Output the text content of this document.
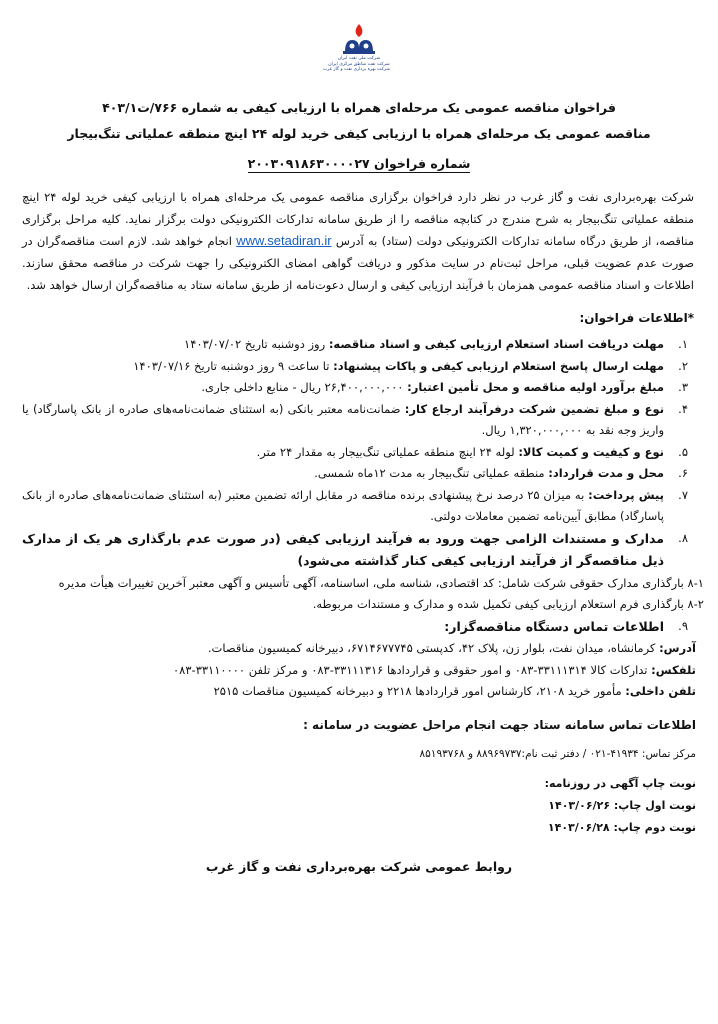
شرکت ملی نفت ایران
شرکت نفت مناطق مرکزی ایران
شرکت بهره برداری نفت و گاز غرب
فراخوان مناقصه عمومی یک مرحله‌ای همراه با ارزیابی کیفی به شماره ۷۶۶/ت۴۰۳/۱
مناقصه عمومی یک مرحله‌ای همراه با ارزیابی کیفی خرید لوله ۲۴ اینچ منطقه عملیاتی تنگ‌بیجار
شماره فراخوان ۲۰۰۳۰۹۱۸۶۳۰۰۰۰۲۷
شرکت بهره‌برداری نفت و گاز غرب در نظر دارد فراخوان برگزاری مناقصه عمومی یک مرحله‌ای همراه با ارزیابی کیفی خرید لوله ۲۴ اینچ منطقه عملیاتی تنگ‌بیجار به شرح مندرج در کتابچه مناقصه را از طریق سامانه تدارکات الکترونیکی دولت برگزار نماید. کلیه مراحل برگزاری مناقصه، از طریق درگاه سامانه تدارکات الکترونیکی دولت (ستاد) به آدرس www.setadiran.ir انجام خواهد شد. لازم است مناقصه‌گران در صورت عدم عضویت قبلی، مراحل ثبت‌نام در سایت مذکور و دریافت گواهی امضای الکترونیکی را جهت شرکت در مناقصه محقق سازند. اطلاعات و اسناد مناقصه عمومی همزمان با فرآیند ارزیابی کیفی و ارسال دعوت‌نامه از طریق سامانه ستاد به مناقصه‌گران ارسال خواهد شد.
*اطلاعات فراخوان:
۱.
مهلت دریافت اسناد استعلام ارزیابی کیفی و اسناد مناقصه: روز دوشنبه تاریخ ۱۴۰۳/۰۷/۰۲
۲.
مهلت ارسال پاسخ استعلام ارزیابی کیفی و پاکات پیشنهاد: تا ساعت ۹ روز دوشنبه تاریخ ۱۴۰۳/۰۷/۱۶
۳.
مبلغ برآورد اولیه مناقصه و محل تأمین اعتبار: ۲۶,۴۰۰,۰۰۰,۰۰۰ ریال - منابع داخلی جاری.
۴.
نوع و مبلغ تضمین شرکت درفرآیند ارجاع کار: ضمانت‌نامه معتبر بانکی (به استثنای ضمانت‌نامه‌های صادره از بانک پاسارگاد) یا واریز وجه نقد به ۱,۳۲۰,۰۰۰,۰۰۰ ریال.
۵.
نوع و کیفیت و کمیت کالا: لوله ۲۴ اینچ منطقه عملیاتی تنگ‌بیجار به مقدار ۲۴ متر.
۶.
محل و مدت قرارداد: منطقه عملیاتی تنگ‌بیجار به مدت ۱۲ماه شمسی.
۷.
پیش پرداخت: به میزان ۲۵ درصد نرخ پیشنهادی برنده مناقصه در مقابل ارائه تضمین معتبر (به استثنای ضمانت‌نامه‌های صادره از بانک پاسارگاد) مطابق آیین‌نامه تضمین معاملات دولتی.
۸.
مدارک و مستندات الزامی جهت ورود به فرآیند ارزیابی کیفی (در صورت عدم بارگذاری هر یک از مدارک ذیل مناقصه‌گر از فرآیند ارزیابی کیفی کنار گذاشته می‌شود)
۸-۱ بارگذاری مدارک حقوقی شرکت شامل: کد اقتصادی، شناسه ملی، اساسنامه، آگهی تأسیس و آگهی معتبر آخرین تغییرات هیأت مدیره
۸-۲ بارگذاری فرم استعلام ارزیابی کیفی تکمیل شده و مدارک و مستندات مربوطه.
۹.
اطلاعات تماس دستگاه مناقصه‌گزار:
آدرس: کرمانشاه، میدان نفت، بلوار زن، پلاک ۴۲، کدپستی ۶۷۱۴۶۷۷۷۴۵، دبیرخانه کمیسیون مناقصات.
تلفکس: تدارکات کالا ۳۳۱۱۱۳۱۴-۰۸۳ و امور حقوقی و قراردادها ۳۳۱۱۱۳۱۶-۰۸۳ و مرکز تلفن ۳۳۱۱۰۰۰۰-۰۸۳
تلفن داخلی: مأمور خرید ۲۱۰۸، کارشناس امور قراردادها ۲۲۱۸ و دبیرخانه کمیسیون مناقصات ۲۵۱۵
اطلاعات تماس سامانه ستاد جهت انجام مراحل عضویت در سامانه :
مرکز تماس: ۴۱۹۳۴-۰۲۱ / دفتر ثبت نام:۸۸۹۶۹۷۳۷ و ۸۵۱۹۳۷۶۸
نوبت چاپ آگهی در روزنامه:
نوبت اول چاپ: ۱۴۰۳/۰۶/۲۶
نوبت دوم چاپ: ۱۴۰۳/۰۶/۲۸
روابط عمومی شرکت بهره‌برداری نفت و گاز غرب
